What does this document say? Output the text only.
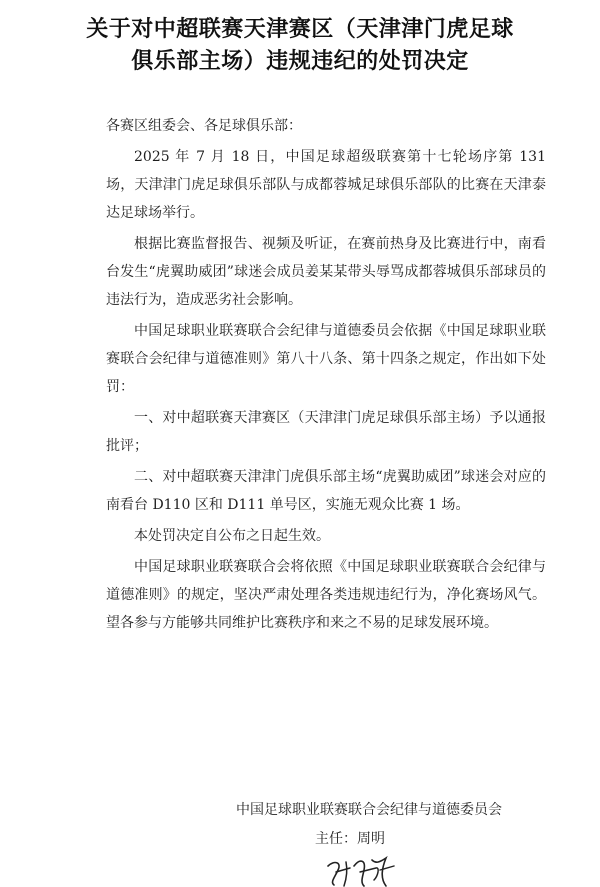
关于对中超联赛天津赛区（天津津门虎足球
俱乐部主场）违规违纪的处罚决定

各赛区组委会、各足球俱乐部：

2025 年 7 月 18 日，中国足球超级联赛第十七轮场序第 131 场，天津津门虎足球俱乐部队与成都蓉城足球俱乐部队的比赛在天津泰达足球场举行。

根据比赛监督报告、视频及听证，在赛前热身及比赛进行中，南看台发生“虎翼助威团”球迷会成员姜某某带头辱骂成都蓉城俱乐部球员的违法行为，造成恶劣社会影响。

中国足球职业联赛联合会纪律与道德委员会依据《中国足球职业联赛联合会纪律与道德准则》第八十八条、第十四条之规定，作出如下处罚：

一、对中超联赛天津赛区（天津津门虎足球俱乐部主场）予以通报批评；

二、对中超联赛天津津门虎俱乐部主场“虎翼助威团”球迷会对应的南看台 D110 区和 D111 单号区，实施无观众比赛 1 场。

本处罚决定自公布之日起生效。

中国足球职业联赛联合会将依照《中国足球职业联赛联合会纪律与道德准则》的规定，坚决严肃处理各类违规违纪行为，净化赛场风气。望各参与方能够共同维护比赛秩序和来之不易的足球发展环境。

中国足球职业联赛联合会纪律与道德委员会
主任：周明
